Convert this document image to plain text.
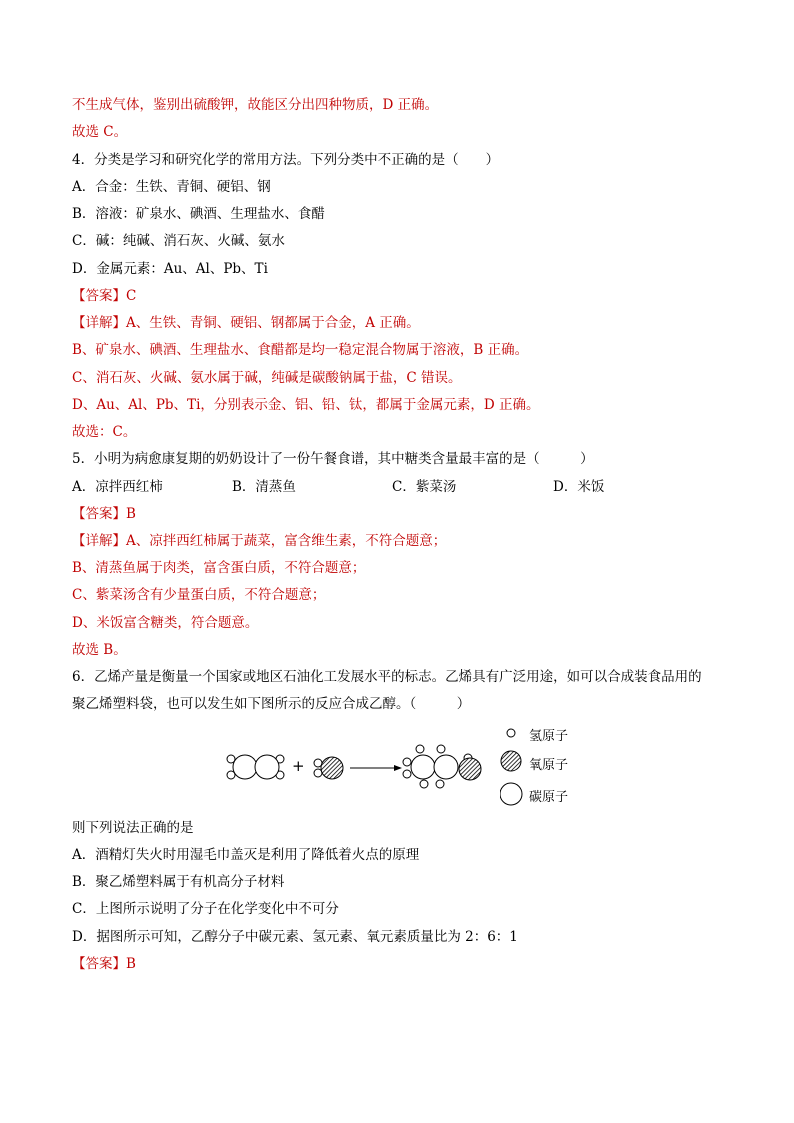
不生成气体，鉴别出硫酸钾，故能区分出四种物质，D 正确。
故选 C。
4．分类是学习和研究化学的常用方法。下列分类中不正确的是（　　）
A．合金：生铁、青铜、硬铝、钢
B．溶液：矿泉水、碘酒、生理盐水、食醋
C．碱：纯碱、消石灰、火碱、氨水
D．金属元素：Au、Al、Pb、Ti
【答案】C
【详解】A、生铁、青铜、硬铝、钢都属于合金，A 正确。
B、矿泉水、碘酒、生理盐水、食醋都是均一稳定混合物属于溶液，B 正确。
C、消石灰、火碱、氨水属于碱，纯碱是碳酸钠属于盐，C 错误。
D、Au、Al、Pb、Ti，分别表示金、铝、铅、钛，都属于金属元素，D 正确。
故选：C。
5．小明为病愈康复期的奶奶设计了一份午餐食谱，其中糖类含量最丰富的是（　　　）
A．凉拌西红柿	B．清蒸鱼	C．紫菜汤	D．米饭
【答案】B
【详解】A、凉拌西红柿属于蔬菜，富含维生素，不符合题意；
B、清蒸鱼属于肉类，富含蛋白质，不符合题意；
C、紫菜汤含有少量蛋白质，不符合题意；
D、米饭富含糖类，符合题意。
故选 B。
6．乙烯产量是衡量一个国家或地区石油化工发展水平的标志。乙烯具有广泛用途，如可以合成装食品用的
聚乙烯塑料袋，也可以发生如下图所示的反应合成乙醇。（　　　）
+
氢原子
氧原子
碳原子
则下列说法正确的是
A．酒精灯失火时用湿毛巾盖灭是利用了降低着火点的原理
B．聚乙烯塑料属于有机高分子材料
C．上图所示说明了分子在化学变化中不可分
D．据图所示可知，乙醇分子中碳元素、氢元素、氧元素质量比为 2：6：1
【答案】B
